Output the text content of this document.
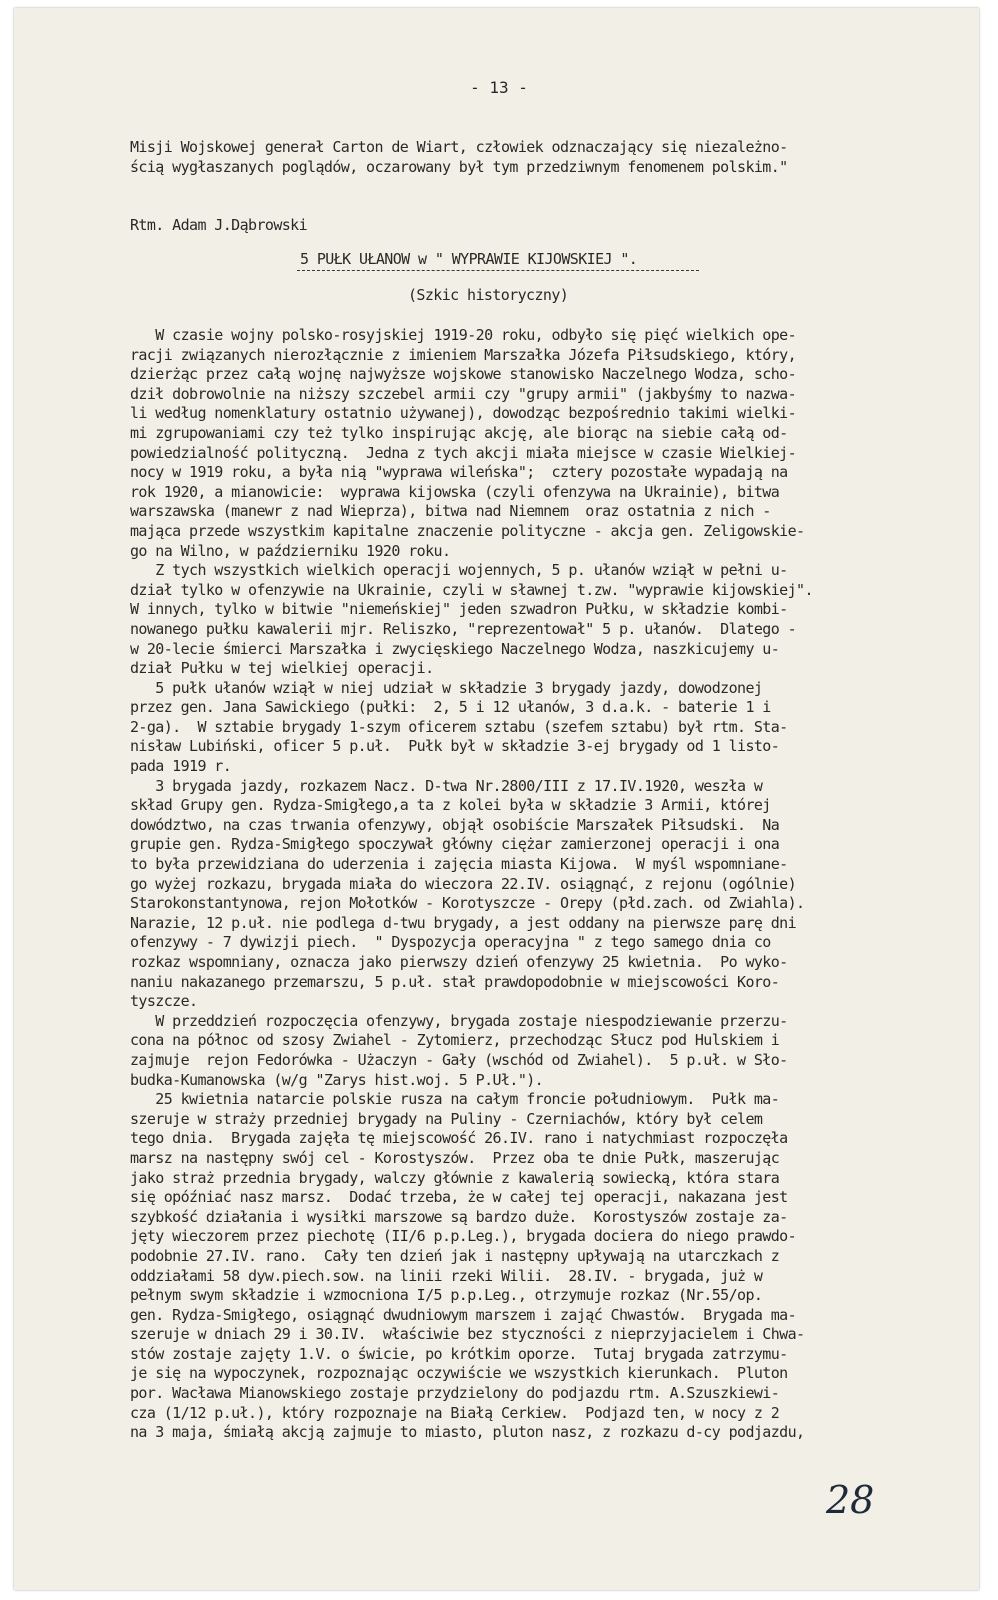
- 13 -
Misji Wojskowej generał Carton de Wiart, człowiek odznaczający się niezależno-
ścią wygłaszanych poglądów, oczarowany był tym przedziwnym fenomenem polskim."
Rtm. Adam J.Dąbrowski
5 PUŁK UŁANOW w " WYPRAWIE KIJOWSKIEJ ".
(Szkic historyczny)
W czasie wojny polsko-rosyjskiej 1919-20 roku, odbyło się pięć wielkich ope-
racji związanych nierozłącznie z imieniem Marszałka Józefa Piłsudskiego, który,
dzierżąc przez całą wojnę najwyższe wojskowe stanowisko Naczelnego Wodza, scho-
dził dobrowolnie na niższy szczebel armii czy "grupy armii" (jakbyśmy to nazwa-
li według nomenklatury ostatnio używanej), dowodząc bezpośrednio takimi wielki-
mi zgrupowaniami czy też tylko inspirując akcję, ale biorąc na siebie całą od-
powiedzialność polityczną.  Jedna z tych akcji miała miejsce w czasie Wielkiej-
nocy w 1919 roku, a była nią "wyprawa wileńska";  cztery pozostałe wypadają na
rok 1920, a mianowicie:  wyprawa kijowska (czyli ofenzywa na Ukrainie), bitwa
warszawska (manewr z nad Wieprza), bitwa nad Niemnem  oraz ostatnia z nich -
mająca przede wszystkim kapitalne znaczenie polityczne - akcja gen. Zeligowskie-
go na Wilno, w październiku 1920 roku.
Z tych wszystkich wielkich operacji wojennych, 5 p. ułanów wziął w pełni u-
dział tylko w ofenzywie na Ukrainie, czyli w sławnej t.zw. "wyprawie kijowskiej".
W innych, tylko w bitwie "niemeńskiej" jeden szwadron Pułku, w składzie kombi-
nowanego pułku kawalerii mjr. Reliszko, "reprezentował" 5 p. ułanów.  Dlatego -
w 20-lecie śmierci Marszałka i zwycięskiego Naczelnego Wodza, naszkicujemy u-
dział Pułku w tej wielkiej operacji.
5 pułk ułanów wziął w niej udział w składzie 3 brygady jazdy, dowodzonej
przez gen. Jana Sawickiego (pułki:  2, 5 i 12 ułanów, 3 d.a.k. - baterie 1 i
2-ga).  W sztabie brygady 1-szym oficerem sztabu (szefem sztabu) był rtm. Sta-
nisław Lubiński, oficer 5 p.uł.  Pułk był w składzie 3-ej brygady od 1 listo-
pada 1919 r.
3 brygada jazdy, rozkazem Nacz. D-twa Nr.2800/III z 17.IV.1920, weszła w
skład Grupy gen. Rydza-Smigłego,a ta z kolei była w składzie 3 Armii, której
dowództwo, na czas trwania ofenzywy, objął osobiście Marszałek Piłsudski.  Na
grupie gen. Rydza-Smigłego spoczywał główny ciężar zamierzonej operacji i ona
to była przewidziana do uderzenia i zajęcia miasta Kijowa.  W myśl wspomniane-
go wyżej rozkazu, brygada miała do wieczora 22.IV. osiągnąć, z rejonu (ogólnie)
Starokonstantynowa, rejon Mołotków - Korotyszcze - Orepy (płd.zach. od Zwiahla).
Narazie, 12 p.uł. nie podlega d-twu brygady, a jest oddany na pierwsze parę dni
ofenzywy - 7 dywizji piech.  " Dyspozycja operacyjna " z tego samego dnia co
rozkaz wspomniany, oznacza jako pierwszy dzień ofenzywy 25 kwietnia.  Po wyko-
naniu nakazanego przemarszu, 5 p.uł. stał prawdopodobnie w miejscowości Koro-
tyszcze.
W przeddzień rozpoczęcia ofenzywy, brygada zostaje niespodziewanie przerzu-
cona na północ od szosy Zwiahel - Zytomierz, przechodząc Słucz pod Hulskiem i
zajmuje  rejon Fedorówka - Użaczyn - Gały (wschód od Zwiahel).  5 p.uł. w Sło-
budka-Kumanowska (w/g "Zarys hist.woj. 5 P.Uł.").
25 kwietnia natarcie polskie rusza na całym froncie południowym.  Pułk ma-
szeruje w straży przedniej brygady na Puliny - Czerniachów, który był celem
tego dnia.  Brygada zajęła tę miejscowość 26.IV. rano i natychmiast rozpoczęła
marsz na następny swój cel - Korostyszów.  Przez oba te dnie Pułk, maszerując
jako straż przednia brygady, walczy głównie z kawalerią sowiecką, która stara
się opóźniać nasz marsz.  Dodać trzeba, że w całej tej operacji, nakazana jest
szybkość działania i wysiłki marszowe są bardzo duże.  Korostyszów zostaje za-
jęty wieczorem przez piechotę (II/6 p.p.Leg.), brygada dociera do niego prawdo-
podobnie 27.IV. rano.  Cały ten dzień jak i następny upływają na utarczkach z
oddziałami 58 dyw.piech.sow. na linii rzeki Wilii.  28.IV. - brygada, już w
pełnym swym składzie i wzmocniona I/5 p.p.Leg., otrzymuje rozkaz (Nr.55/op.
gen. Rydza-Smigłego, osiągnąć dwudniowym marszem i zająć Chwastów.  Brygada ma-
szeruje w dniach 29 i 30.IV.  właściwie bez styczności z nieprzyjacielem i Chwa-
stów zostaje zajęty 1.V. o świcie, po krótkim oporze.  Tutaj brygada zatrzymu-
je się na wypoczynek, rozpoznając oczywiście we wszystkich kierunkach.  Pluton
por. Wacława Mianowskiego zostaje przydzielony do podjazdu rtm. A.Szuszkiewi-
cza (1/12 p.uł.), który rozpoznaje na Białą Cerkiew.  Podjazd ten, w nocy z 2
na 3 maja, śmiałą akcją zajmuje to miasto, pluton nasz, z rozkazu d-cy podjazdu,
28
